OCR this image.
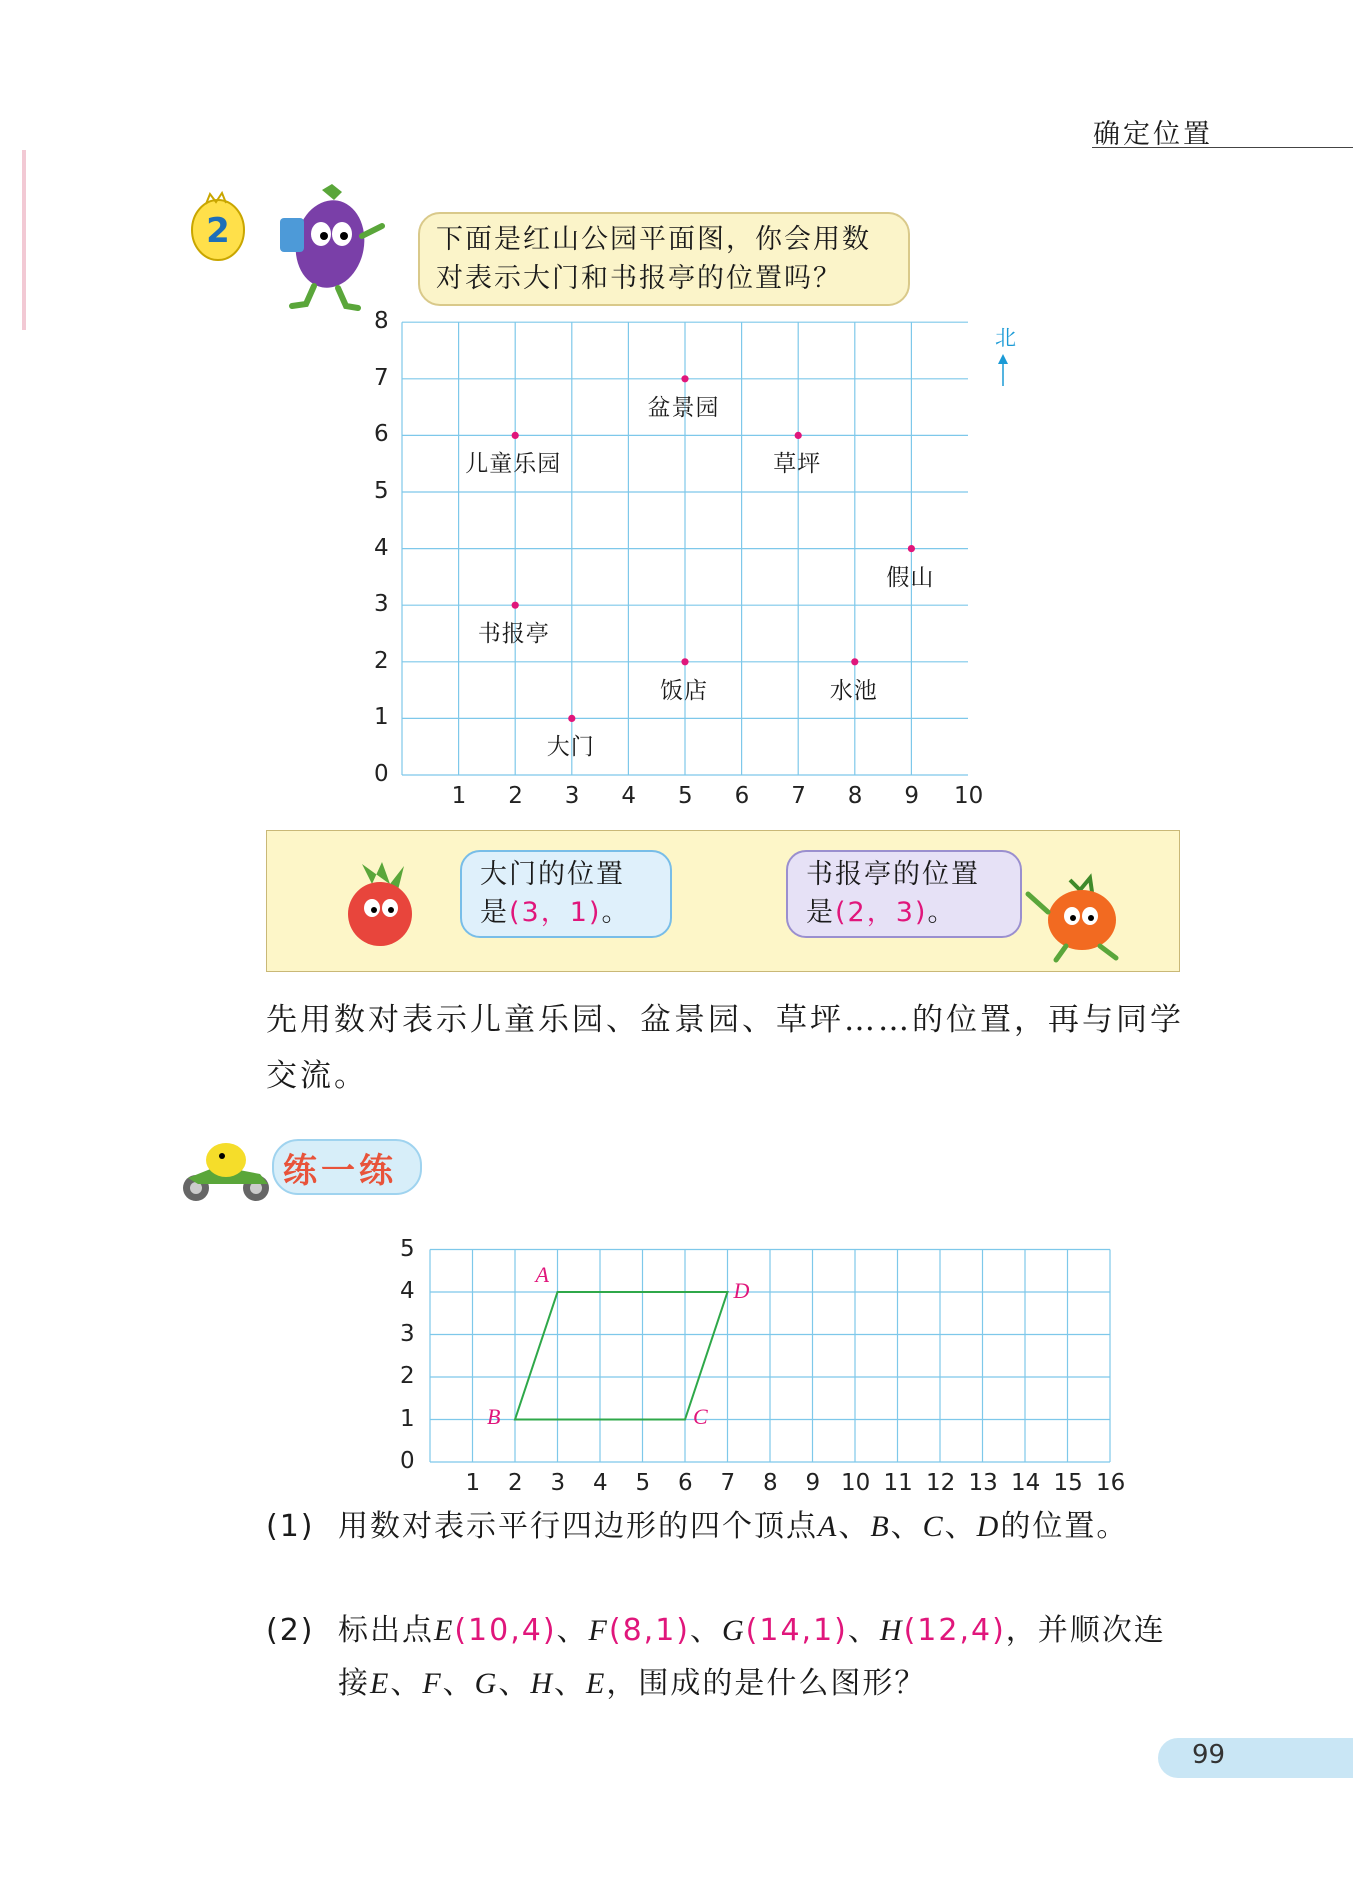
确定位置
2	下面是红山公园平面图，你会用数对表示大门和书报亭的位置吗？
0
1
2
3
4
5
6
7
8
1 2 3 4 5 6 7 8 9 10
儿童乐园
盆景园
草坪
假山
书报亭
饭店	水池
大门
北
大门的位置
是(3，1)。
书报亭的位置
是(2，3)。
先用数对表示儿童乐园、盆景园、草坪……的位置，再与同学交流。
练一练
0
1
2
3
4
5
1 2 3 4 5 6 7 8 9 10 11 12 13 14 15 16
A
D
C
B
(1) 用数对表示平行四边形的四个顶点A、B、C、D的位置。
(2) 标出点E(10,4)、F(8,1)、G(14,1)、H(12,4)，并顺次连接E、F、G、H、E，围成的是什么图形？
99
